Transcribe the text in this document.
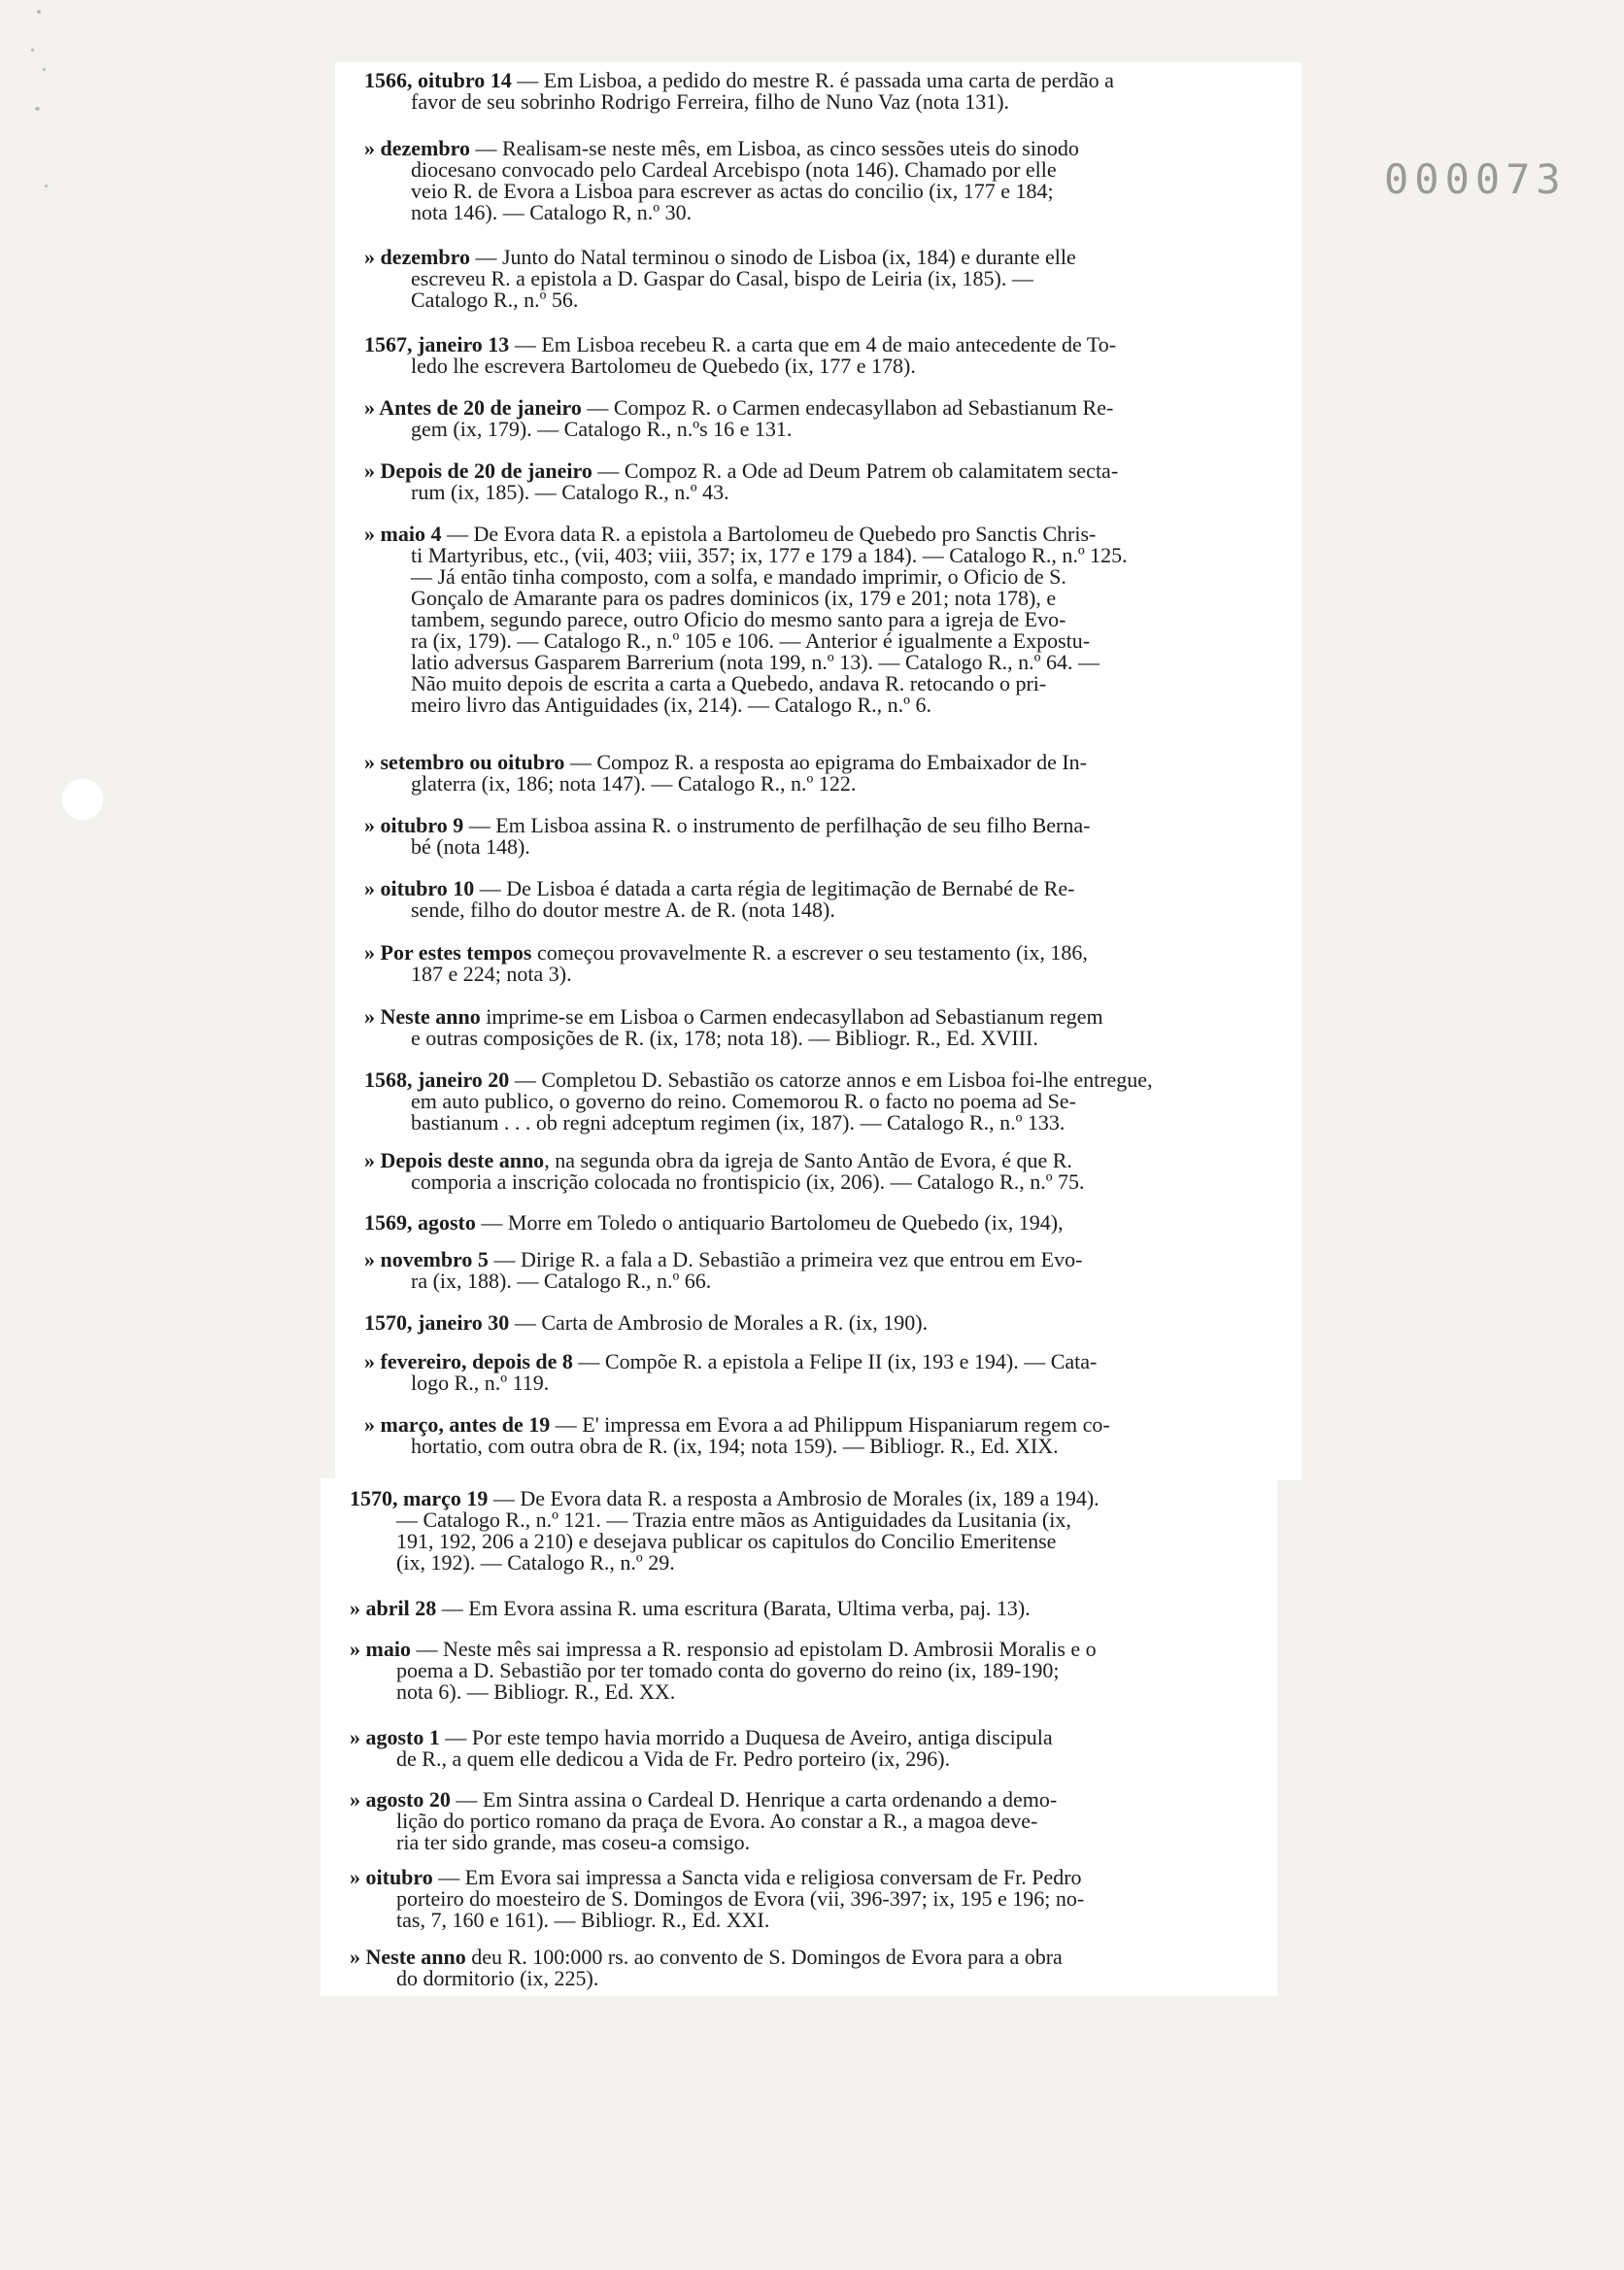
000073
1566, oitubro 14 — Em Lisboa, a pedido do mestre R. é passada uma carta de perdão a
favor de seu sobrinho Rodrigo Ferreira, filho de Nuno Vaz (nota 131).
» dezembro — Realisam-se neste mês, em Lisboa, as cinco sessões uteis do sinodo
diocesano convocado pelo Cardeal Arcebispo (nota 146). Chamado por elle
veio R. de Evora a Lisboa para escrever as actas do concilio (ix, 177 e 184;
nota 146). — Catalogo R, n.º 30.
» dezembro — Junto do Natal terminou o sinodo de Lisboa (ix, 184) e durante elle
escreveu R. a epistola a D. Gaspar do Casal, bispo de Leiria (ix, 185). —
Catalogo R., n.º 56.
1567, janeiro 13 — Em Lisboa recebeu R. a carta que em 4 de maio antecedente de To-
ledo lhe escrevera Bartolomeu de Quebedo (ix, 177 e 178).
» Antes de 20 de janeiro — Compoz R. o Carmen endecasyllabon ad Sebastianum Re-
gem (ix, 179). — Catalogo R., n.ºs 16 e 131.
» Depois de 20 de janeiro — Compoz R. a Ode ad Deum Patrem ob calamitatem secta-
rum (ix, 185). — Catalogo R., n.º 43.
» maio 4 — De Evora data R. a epistola a Bartolomeu de Quebedo pro Sanctis Chris-
ti Martyribus, etc., (vii, 403; viii, 357; ix, 177 e 179 a 184). — Catalogo R., n.º 125.
— Já então tinha composto, com a solfa, e mandado imprimir, o Oficio de S.
Gonçalo de Amarante para os padres dominicos (ix, 179 e 201; nota 178), e
tambem, segundo parece, outro Oficio do mesmo santo para a igreja de Evo-
ra (ix, 179). — Catalogo R., n.º 105 e 106. — Anterior é igualmente a Expostu-
latio adversus Gasparem Barrerium (nota 199, n.º 13). — Catalogo R., n.º 64. —
Não muito depois de escrita a carta a Quebedo, andava R. retocando o pri-
meiro livro das Antiguidades (ix, 214). — Catalogo R., n.º 6.
» setembro ou oitubro — Compoz R. a resposta ao epigrama do Embaixador de In-
glaterra (ix, 186; nota 147). — Catalogo R., n.º 122.
» oitubro 9 — Em Lisboa assina R. o instrumento de perfilhação de seu filho Berna-
bé (nota 148).
» oitubro 10 — De Lisboa é datada a carta régia de legitimação de Bernabé de Re-
sende, filho do doutor mestre A. de R. (nota 148).
» Por estes tempos começou provavelmente R. a escrever o seu testamento (ix, 186,
187 e 224; nota 3).
» Neste anno imprime-se em Lisboa o Carmen endecasyllabon ad Sebastianum regem
e outras composições de R. (ix, 178; nota 18). — Bibliogr. R., Ed. XVIII.
1568, janeiro 20 — Completou D. Sebastião os catorze annos e em Lisboa foi-lhe entregue,
em auto publico, o governo do reino. Comemorou R. o facto no poema ad Se-
bastianum . . . ob regni adceptum regimen (ix, 187). — Catalogo R., n.º 133.
» Depois deste anno, na segunda obra da igreja de Santo Antão de Evora, é que R.
comporia a inscrição colocada no frontispicio (ix, 206). — Catalogo R., n.º 75.
1569, agosto — Morre em Toledo o antiquario Bartolomeu de Quebedo (ix, 194),
» novembro 5 — Dirige R. a fala a D. Sebastião a primeira vez que entrou em Evo-
ra (ix, 188). — Catalogo R., n.º 66.
1570, janeiro 30 — Carta de Ambrosio de Morales a R. (ix, 190).
» fevereiro, depois de 8 — Compõe R. a epistola a Felipe II (ix, 193 e 194). — Cata-
logo R., n.º 119.
» março, antes de 19 — E' impressa em Evora a ad Philippum Hispaniarum regem co-
hortatio, com outra obra de R. (ix, 194; nota 159). — Bibliogr. R., Ed. XIX.
1570, março 19 — De Evora data R. a resposta a Ambrosio de Morales (ix, 189 a 194).
— Catalogo R., n.º 121. — Trazia entre mãos as Antiguidades da Lusitania (ix,
191, 192, 206 a 210) e desejava publicar os capitulos do Concilio Emeritense
(ix, 192). — Catalogo R., n.º 29.
» abril 28 — Em Evora assina R. uma escritura (Barata, Ultima verba, paj. 13).
» maio — Neste mês sai impressa a R. responsio ad epistolam D. Ambrosii Moralis e o
poema a D. Sebastião por ter tomado conta do governo do reino (ix, 189-190;
nota 6). — Bibliogr. R., Ed. XX.
» agosto 1 — Por este tempo havia morrido a Duquesa de Aveiro, antiga discipula
de R., a quem elle dedicou a Vida de Fr. Pedro porteiro (ix, 296).
» agosto 20 — Em Sintra assina o Cardeal D. Henrique a carta ordenando a demo-
lição do portico romano da praça de Evora. Ao constar a R., a magoa deve-
ria ter sido grande, mas coseu-a comsigo.
» oitubro — Em Evora sai impressa a Sancta vida e religiosa conversam de Fr. Pedro
porteiro do moesteiro de S. Domingos de Evora (vii, 396-397; ix, 195 e 196; no-
tas, 7, 160 e 161). — Bibliogr. R., Ed. XXI.
» Neste anno deu R. 100:000 rs. ao convento de S. Domingos de Evora para a obra
do dormitorio (ix, 225).
